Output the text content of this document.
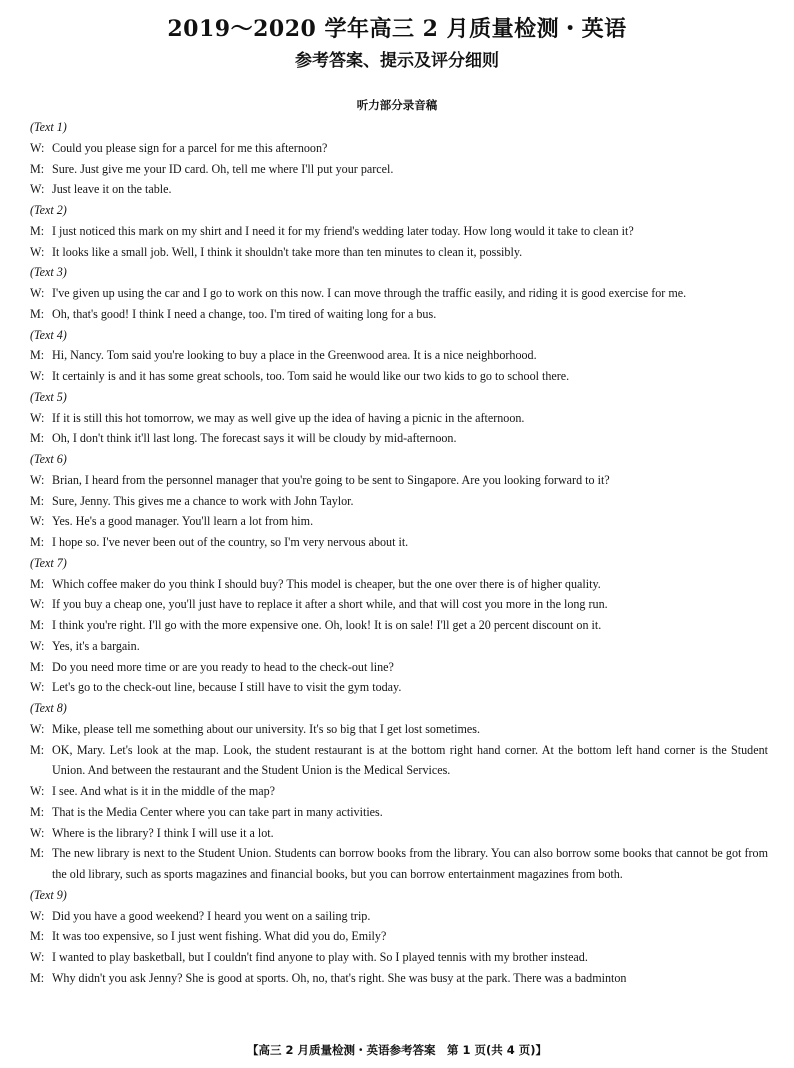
2019～2020 学年高三 2 月质量检测・英语
参考答案、提示及评分细则
听力部分录音稿
(Text 1)
W: Could you please sign for a parcel for me this afternoon?
M: Sure. Just give me your ID card. Oh, tell me where I'll put your parcel.
W: Just leave it on the table.
(Text 2)
M: I just noticed this mark on my shirt and I need it for my friend's wedding later today. How long would it take to clean it?
W: It looks like a small job. Well, I think it shouldn't take more than ten minutes to clean it, possibly.
(Text 3)
W: I've given up using the car and I go to work on this now. I can move through the traffic easily, and riding it is good exercise for me.
M: Oh, that's good! I think I need a change, too. I'm tired of waiting long for a bus.
(Text 4)
M: Hi, Nancy. Tom said you're looking to buy a place in the Greenwood area. It is a nice neighborhood.
W: It certainly is and it has some great schools, too. Tom said he would like our two kids to go to school there.
(Text 5)
W: If it is still this hot tomorrow, we may as well give up the idea of having a picnic in the afternoon.
M: Oh, I don't think it'll last long. The forecast says it will be cloudy by mid-afternoon.
(Text 6)
W: Brian, I heard from the personnel manager that you're going to be sent to Singapore. Are you looking forward to it?
M: Sure, Jenny. This gives me a chance to work with John Taylor.
W: Yes. He's a good manager. You'll learn a lot from him.
M: I hope so. I've never been out of the country, so I'm very nervous about it.
(Text 7)
M: Which coffee maker do you think I should buy? This model is cheaper, but the one over there is of higher quality.
W: If you buy a cheap one, you'll just have to replace it after a short while, and that will cost you more in the long run.
M: I think you're right. I'll go with the more expensive one. Oh, look! It is on sale! I'll get a 20 percent discount on it.
W: Yes, it's a bargain.
M: Do you need more time or are you ready to head to the check-out line?
W: Let's go to the check-out line, because I still have to visit the gym today.
(Text 8)
W: Mike, please tell me something about our university. It's so big that I get lost sometimes.
M: OK, Mary. Let's look at the map. Look, the student restaurant is at the bottom right hand corner. At the bottom left hand corner is the Student Union. And between the restaurant and the Student Union is the Medical Services.
W: I see. And what is it in the middle of the map?
M: That is the Media Center where you can take part in many activities.
W: Where is the library? I think I will use it a lot.
M: The new library is next to the Student Union. Students can borrow books from the library. You can also borrow some books that cannot be got from the old library, such as sports magazines and financial books, but you can borrow entertainment magazines from both.
(Text 9)
W: Did you have a good weekend? I heard you went on a sailing trip.
M: It was too expensive, so I just went fishing. What did you do, Emily?
W: I wanted to play basketball, but I couldn't find anyone to play with. So I played tennis with my brother instead.
M: Why didn't you ask Jenny? She is good at sports. Oh, no, that's right. She was busy at the park. There was a badminton
【高三 2 月质量检测・英语参考答案　第 1 页(共 4 页)】
